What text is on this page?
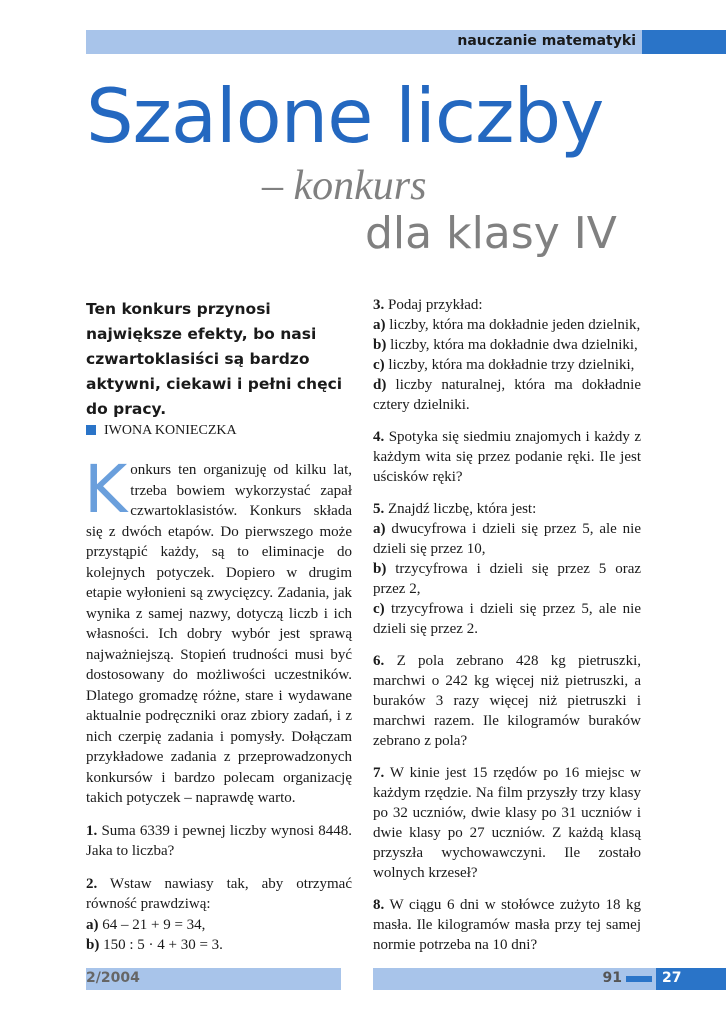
nauczanie matematyki
Szalone liczby
– konkurs
dla klasy IV
Ten konkurs przynosi największe efekty, bo nasi czwartoklasiści są bardzo aktywni, ciekawi i pełni chęci do pracy.
IWONA KONIECZKA

Konkurs ten organizuję od kilku lat, trzeba bowiem wykorzystać zapał czwartoklasistów. Konkurs składa się z dwóch etapów. Do pierwszego może przystąpić każdy, są to eliminacje do kolejnych potyczek. Dopiero w drugim etapie wyłonieni są zwycięzcy. Zadania, jak wynika z samej nazwy, dotyczą liczb i ich własności. Ich dobry wybór jest sprawą najważniejszą. Stopień trudności musi być dostosowany do możliwości uczestników. Dlatego gromadzę różne, stare i wydawane aktualnie podręczniki oraz zbiory zadań, i z nich czerpię zadania i pomysły. Dołączam przykładowe zadania z przeprowadzonych konkursów i bardzo polecam organizację takich potyczek – naprawdę warto.

1. Suma 6339 i pewnej liczby wynosi 8448. Jaka to liczba?
2. Wstaw nawiasy tak, aby otrzymać równość prawdziwą:
a) 64 – 21 + 9 = 34,
b) 150 : 5 · 4 + 30 = 3.
3. Podaj przykład:
a) liczby, która ma dokładnie jeden dzielnik,
b) liczby, która ma dokładnie dwa dzielniki,
c) liczby, która ma dokładnie trzy dzielniki,
d) liczby naturalnej, która ma dokładnie cztery dzielniki.
4. Spotyka się siedmiu znajomych i każdy z każdym wita się przez podanie ręki. Ile jest uścisków ręki?
5. Znajdź liczbę, która jest:
a) dwucyfrowa i dzieli się przez 5, ale nie dzieli się przez 10,
b) trzycyfrowa i dzieli się przez 5 oraz przez 2,
c) trzycyfrowa i dzieli się przez 5, ale nie dzieli się przez 2.
6. Z pola zebrano 428 kg pietruszki, marchwi o 242 kg więcej niż pietruszki, a buraków 3 razy więcej niż pietruszki i marchwi razem. Ile kilogramów buraków zebrano z pola?
7. W kinie jest 15 rzędów po 16 miejsc w każdym rzędzie. Na film przyszły trzy klasy po 32 uczniów, dwie klasy po 31 uczniów i dwie klasy po 27 uczniów. Z każdą klasą przyszła wychowawczyni. Ile zostało wolnych krzeseł?
8. W ciągu 6 dni w stołówce zużyto 18 kg masła. Ile kilogramów masła przy tej samej normie potrzeba na 10 dni?
2/2004	91	27
